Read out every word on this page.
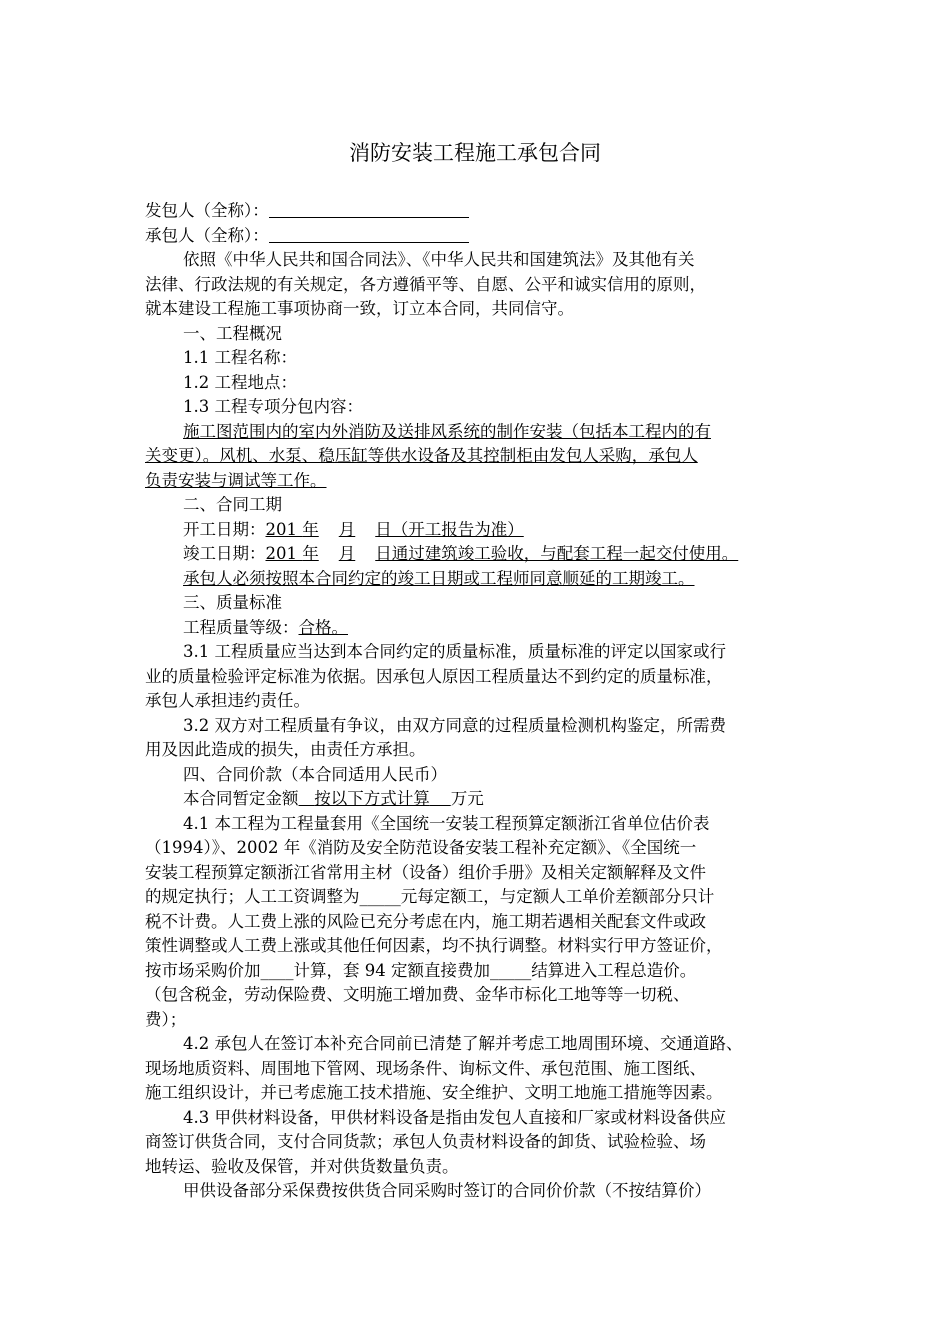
消防安装工程施工承包合同
发包人（全称）：
承包人（全称）：
依照《中华人民共和国合同法》、《中华人民共和国建筑法》及其他有关
法律、行政法规的有关规定，各方遵循平等、自愿、公平和诚实信用的原则，
就本建设工程施工事项协商一致，订立本合同，共同信守。
一、工程概况
1.1 工程名称：
1.2 工程地点：
1.3 工程专项分包内容：
施工图范围内的室内外消防及送排风系统的制作安装（包括本工程内的有
关变更）。风机、水泵、稳压缸等供水设备及其控制柜由发包人采购，承包人
负责安装与调试等工作。
二、合同工期
开工日期：201 年 月 日（开工报告为准）
竣工日期：201 年 月 日通过建筑竣工验收，与配套工程一起交付使用。
承包人必须按照本合同约定的竣工日期或工程师同意顺延的工期竣工。
三、质量标准
工程质量等级：合格。
3.1 工程质量应当达到本合同约定的质量标准，质量标准的评定以国家或行
业的质量检验评定标准为依据。因承包人原因工程质量达不到约定的质量标准，
承包人承担违约责任。
3.2 双方对工程质量有争议，由双方同意的过程质量检测机构鉴定，所需费
用及因此造成的损失，由责任方承担。
四、合同价款（本合同适用人民币）
本合同暂定金额 按以下方式计算 万元
4.1 本工程为工程量套用《全国统一安装工程预算定额浙江省单位估价表
（1994）》、2002 年《消防及安全防范设备安装工程补充定额》、《全国统一
安装工程预算定额浙江省常用主材（设备）组价手册》及相关定额解释及文件
的规定执行；人工工资调整为_____元每定额工，与定额人工单价差额部分只计
税不计费。人工费上涨的风险已充分考虑在内，施工期若遇相关配套文件或政
策性调整或人工费上涨或其他任何因素，均不执行调整。材料实行甲方签证价，
按市场采购价加____计算，套 94 定额直接费加_____结算进入工程总造价。
（包含税金，劳动保险费、文明施工增加费、金华市标化工地等等一切税、
费）；
4.2 承包人在签订本补充合同前已清楚了解并考虑工地周围环境、交通道路、
现场地质资料、周围地下管网、现场条件、询标文件、承包范围、施工图纸、
施工组织设计，并已考虑施工技术措施、安全维护、文明工地施工措施等因素。
4.3 甲供材料设备，甲供材料设备是指由发包人直接和厂家或材料设备供应
商签订供货合同，支付合同货款；承包人负责材料设备的卸货、试验检验、场
地转运、验收及保管，并对供货数量负责。
甲供设备部分采保费按供货合同采购时签订的合同价价款（不按结算价）
